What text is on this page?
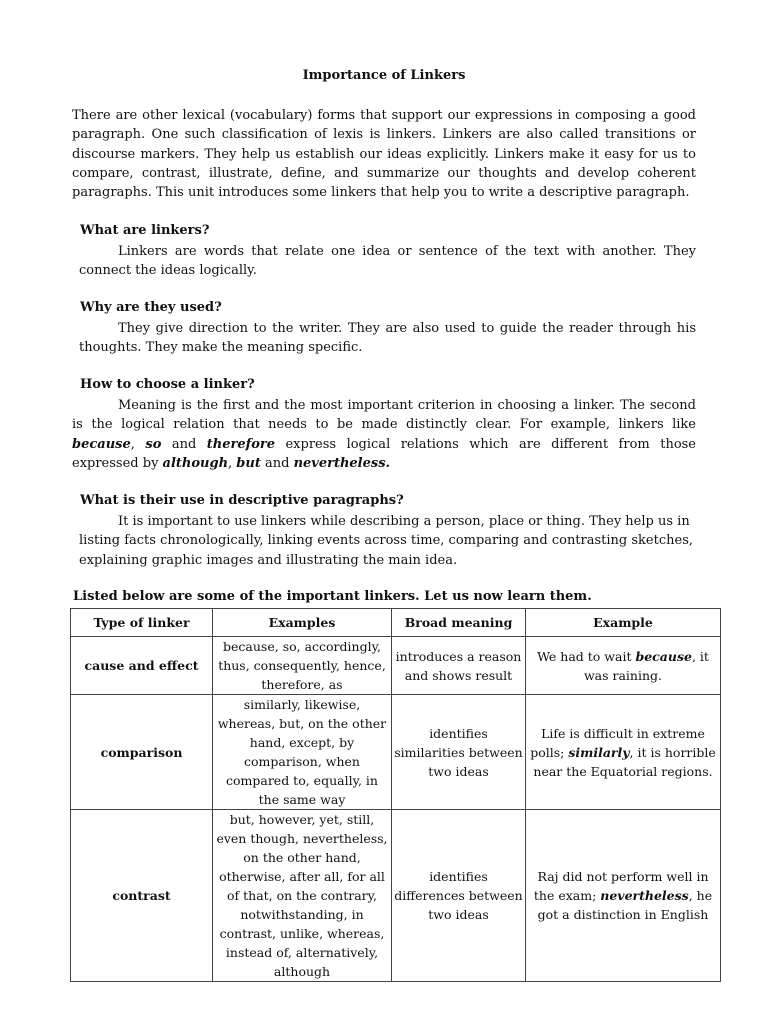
Importance of Linkers

There are other lexical (vocabulary) forms that support our expressions in composing a good paragraph. One such classification of lexis is linkers. Linkers are also called transitions or discourse markers. They help us establish our ideas explicitly. Linkers make it easy for us to compare, contrast, illustrate, define, and summarize our thoughts and develop coherent paragraphs. This unit introduces some linkers that help you to write a descriptive paragraph.

What are linkers?

Linkers are words that relate one idea or sentence of the text with another. They connect the ideas logically.

Why are they used?

They give direction to the writer. They are also used to guide the reader through his thoughts. They make the meaning specific.

How to choose a linker?

Meaning is the first and the most important criterion in choosing a linker. The second is the logical relation that needs to be made distinctly clear. For example, linkers like because, so and therefore express logical relations which are different from those expressed by although, but and nevertheless.

What is their use in descriptive paragraphs?

It is important to use linkers while describing a person, place or thing. They help us in listing facts chronologically, linking events across time, comparing and contrasting sketches, explaining graphic images and illustrating the main idea.

Listed below are some of the important linkers. Let us now learn them.

Type of linker	Examples	Broad meaning	Example
cause and effect	because, so, accordingly, thus, consequently, hence, therefore, as	introduces a reason and shows result	We had to wait because, it was raining.
comparison	similarly, likewise, whereas, but, on the other hand, except, by comparison, when compared to, equally, in the same way	identifies similarities between two ideas	Life is difficult in extreme polls; similarly, it is horrible near the Equatorial regions.
contrast	but, however, yet, still, even though, nevertheless, on the other hand, otherwise, after all, for all of that, on the contrary, notwithstanding, in contrast, unlike, whereas, instead of, alternatively, although	identifies differences between two ideas	Raj did not perform well in the exam; nevertheless, he got a distinction in English
